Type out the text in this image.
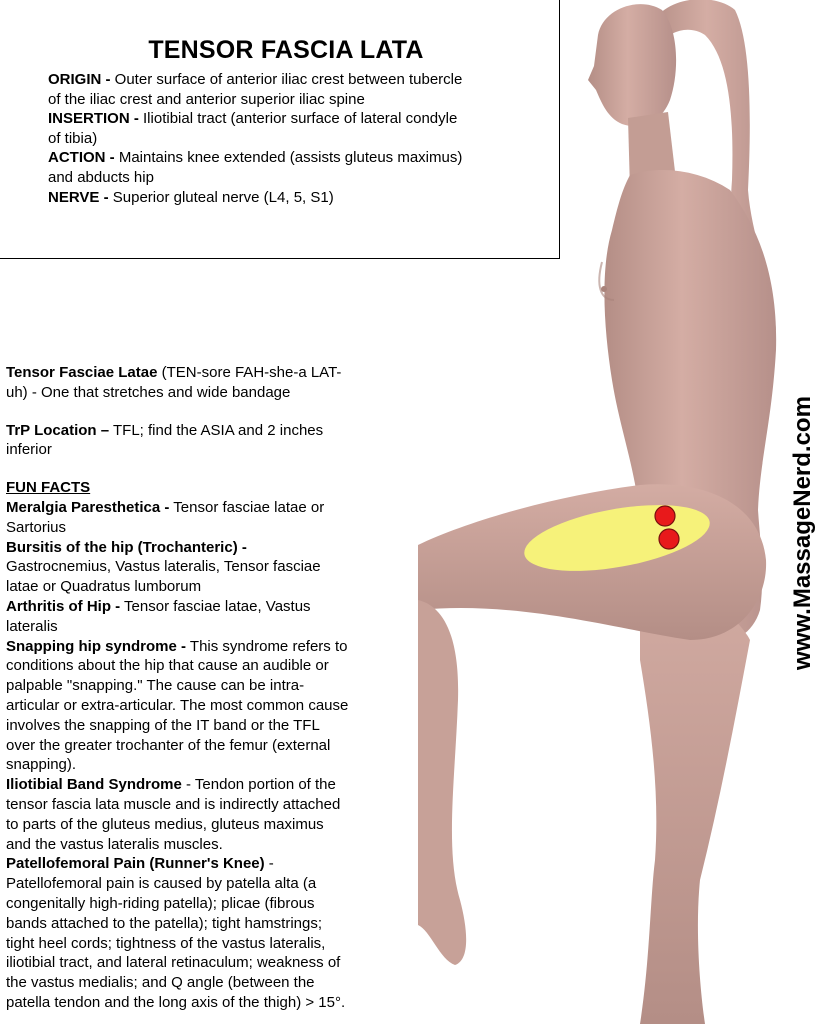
TENSOR FASCIA LATA

ORIGIN - Outer surface of anterior iliac crest between tubercle

of the iliac crest and anterior superior iliac spine

INSERTION - Iliotibial tract (anterior surface of lateral condyle

of tibia)

ACTION - Maintains knee extended (assists gluteus maximus)

and abducts hip

NERVE - Superior gluteal nerve (L4, 5, S1)

www.MassageNerd.com

Tensor Fasciae Latae (TEN-sore FAH-she-a LAT-

uh) - One that stretches and wide bandage

TrP Location – TFL; find the ASIA and 2 inches

inferior

FUN FACTS

Meralgia Paresthetica - Tensor fasciae latae or

Sartorius

Bursitis of the hip (Trochanteric) -

Gastrocnemius, Vastus lateralis, Tensor fasciae

latae or Quadratus lumborum

Arthritis of Hip - Tensor fasciae latae, Vastus

lateralis

Snapping hip syndrome - This syndrome refers to

conditions about the hip that cause an audible or

palpable "snapping." The cause can be intra-

articular or extra-articular. The most common cause

involves the snapping of the IT band or the TFL

over the greater trochanter of the femur (external

snapping).

Iliotibial Band Syndrome - Tendon portion of the

tensor fascia lata muscle and is indirectly attached

to parts of the gluteus medius, gluteus maximus

and the vastus lateralis muscles.

Patellofemoral Pain (Runner's Knee) -

Patellofemoral pain is caused by patella alta (a

congenitally high-riding patella); plicae (fibrous

bands attached to the patella); tight hamstrings;

tight heel cords; tightness of the vastus lateralis,

iliotibial tract, and lateral retinaculum; weakness of

the vastus medialis; and Q angle (between the

patella tendon and the long axis of the thigh) > 15°.
